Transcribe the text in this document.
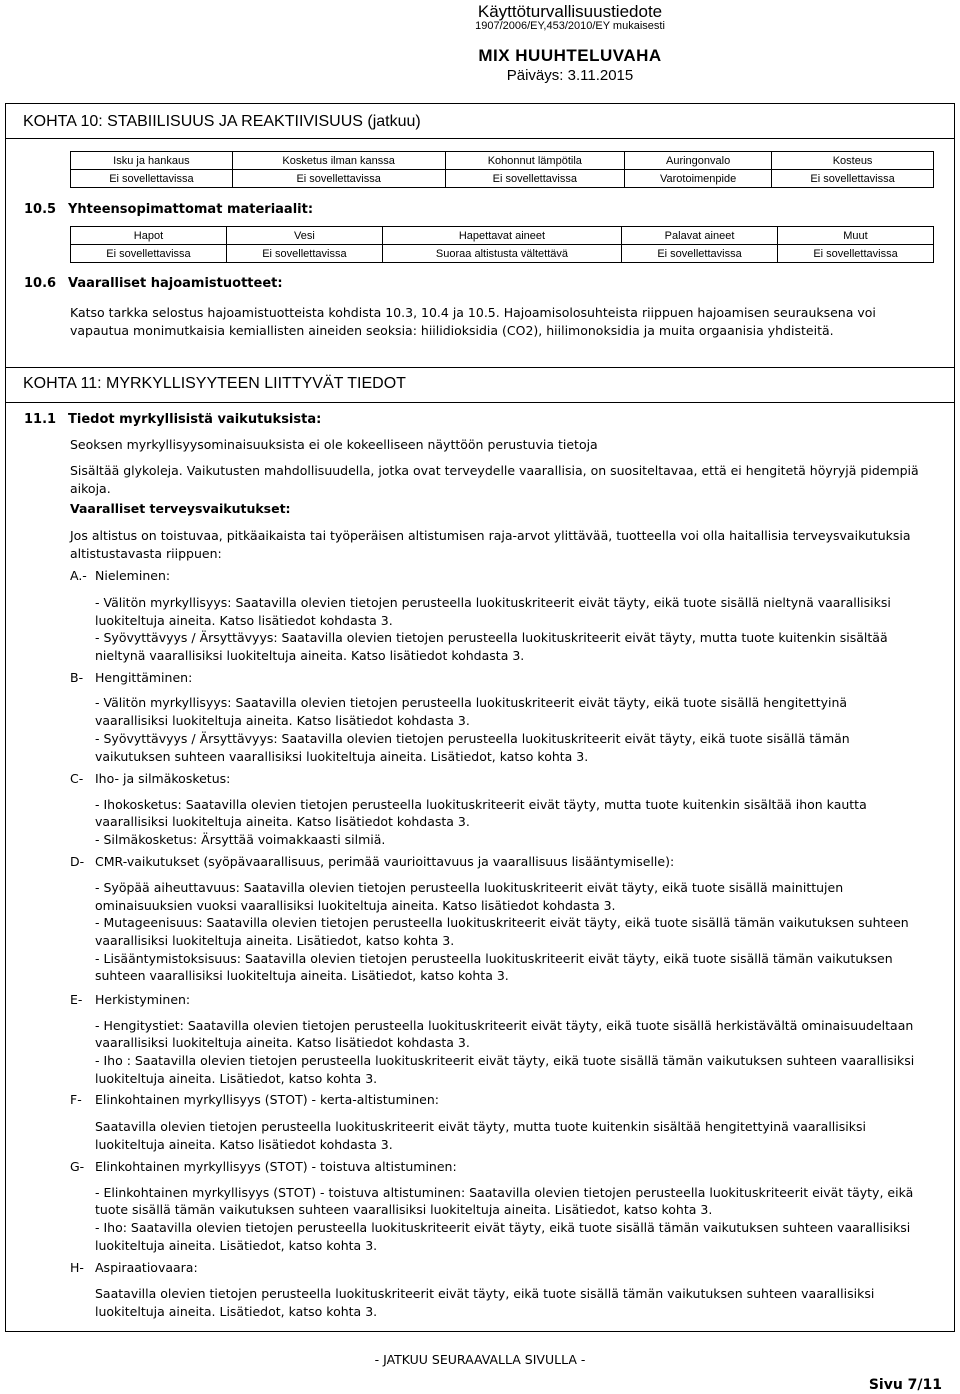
Käyttöturvallisuustiedote
1907/2006/EY,453/2010/EY mukaisesti
MIX HUUHTELUVAHA
Päiväys: 3.11.2015
KOHTA 10: STABIILISUUS JA REAKTIIVISUUS (jatkuu)
Isku ja hankaus	Kosketus ilman kanssa	Kohonnut lämpötila	Auringonvalo	Kosteus
Ei sovellettavissa	Ei sovellettavissa	Ei sovellettavissa	Varotoimenpide	Ei sovellettavissa
10.5 Yhteensopimattomat materiaalit:
Hapot	Vesi	Hapettavat aineet	Palavat aineet	Muut
Ei sovellettavissa	Ei sovellettavissa	Suoraa altistusta vältettävä	Ei sovellettavissa	Ei sovellettavissa
10.6 Vaaralliset hajoamistuotteet:
Katso tarkka selostus hajoamistuotteista kohdista 10.3, 10.4 ja 10.5. Hajoamisolosuhteista riippuen hajoamisen seurauksena voi
vapautua monimutkaisia kemiallisten aineiden seoksia: hiilidioksidia (CO2), hiilimonoksidia ja muita orgaanisia yhdisteitä.
KOHTA 11: MYRKYLLISYYTEEN LIITTYVÄT TIEDOT
11.1 Tiedot myrkyllisistä vaikutuksista:
Seoksen myrkyllisyysominaisuuksista ei ole kokeelliseen näyttöön perustuvia tietoja
Sisältää glykoleja. Vaikutusten mahdollisuudella, jotka ovat terveydelle vaarallisia, on suositeltavaa, että ei hengitetä höyryjä pidempiä
aikoja.
Vaaralliset terveysvaikutukset:
Jos altistus on toistuvaa, pitkäaikaista tai työperäisen altistumisen raja-arvot ylittävää, tuotteella voi olla haitallisia terveysvaikutuksia
altistustavasta riippuen:
A.- Nieleminen:
- Välitön myrkyllisyys: Saatavilla olevien tietojen perusteella luokituskriteerit eivät täyty, eikä tuote sisällä nieltynä vaarallisiksi
luokiteltuja aineita. Katso lisätiedot kohdasta 3.
- Syövyttävyys / Ärsyttävyys: Saatavilla olevien tietojen perusteella luokituskriteerit eivät täyty, mutta tuote kuitenkin sisältää
nieltynä vaarallisiksi luokiteltuja aineita. Katso lisätiedot kohdasta 3.
B- Hengittäminen:
- Välitön myrkyllisyys: Saatavilla olevien tietojen perusteella luokituskriteerit eivät täyty, eikä tuote sisällä hengitettyinä
vaarallisiksi luokiteltuja aineita. Katso lisätiedot kohdasta 3.
- Syövyttävyys / Ärsyttävyys: Saatavilla olevien tietojen perusteella luokituskriteerit eivät täyty, eikä tuote sisällä tämän
vaikutuksen suhteen vaarallisiksi luokiteltuja aineita. Lisätiedot, katso kohta 3.
C- Iho- ja silmäkosketus:
- Ihokosketus: Saatavilla olevien tietojen perusteella luokituskriteerit eivät täyty, mutta tuote kuitenkin sisältää ihon kautta
vaarallisiksi luokiteltuja aineita. Katso lisätiedot kohdasta 3.
- Silmäkosketus: Ärsyttää voimakkaasti silmiä.
D- CMR-vaikutukset (syöpävaarallisuus, perimää vaurioittavuus ja vaarallisuus lisääntymiselle):
- Syöpää aiheuttavuus: Saatavilla olevien tietojen perusteella luokituskriteerit eivät täyty, eikä tuote sisällä mainittujen
ominaisuuksien vuoksi vaarallisiksi luokiteltuja aineita. Katso lisätiedot kohdasta 3.
- Mutageenisuus: Saatavilla olevien tietojen perusteella luokituskriteerit eivät täyty, eikä tuote sisällä tämän vaikutuksen suhteen
vaarallisiksi luokiteltuja aineita. Lisätiedot, katso kohta 3.
- Lisääntymistoksisuus: Saatavilla olevien tietojen perusteella luokituskriteerit eivät täyty, eikä tuote sisällä tämän vaikutuksen
suhteen vaarallisiksi luokiteltuja aineita. Lisätiedot, katso kohta 3.
E- Herkistyminen:
- Hengitystiet: Saatavilla olevien tietojen perusteella luokituskriteerit eivät täyty, eikä tuote sisällä herkistävältä ominaisuudeltaan
vaarallisiksi luokiteltuja aineita. Katso lisätiedot kohdasta 3.
- Iho : Saatavilla olevien tietojen perusteella luokituskriteerit eivät täyty, eikä tuote sisällä tämän vaikutuksen suhteen vaarallisiksi
luokiteltuja aineita. Lisätiedot, katso kohta 3.
F- Elinkohtainen myrkyllisyys (STOT) - kerta-altistuminen:
Saatavilla olevien tietojen perusteella luokituskriteerit eivät täyty, mutta tuote kuitenkin sisältää hengitettyinä vaarallisiksi
luokiteltuja aineita. Katso lisätiedot kohdasta 3.
G- Elinkohtainen myrkyllisyys (STOT) - toistuva altistuminen:
- Elinkohtainen myrkyllisyys (STOT) - toistuva altistuminen: Saatavilla olevien tietojen perusteella luokituskriteerit eivät täyty, eikä
tuote sisällä tämän vaikutuksen suhteen vaarallisiksi luokiteltuja aineita. Lisätiedot, katso kohta 3.
- Iho: Saatavilla olevien tietojen perusteella luokituskriteerit eivät täyty, eikä tuote sisällä tämän vaikutuksen suhteen vaarallisiksi
luokiteltuja aineita. Lisätiedot, katso kohta 3.
H- Aspiraatiovaara:
Saatavilla olevien tietojen perusteella luokituskriteerit eivät täyty, eikä tuote sisällä tämän vaikutuksen suhteen vaarallisiksi
luokiteltuja aineita. Lisätiedot, katso kohta 3.
- JATKUU SEURAAVALLA SIVULLA -
Sivu 7/11
